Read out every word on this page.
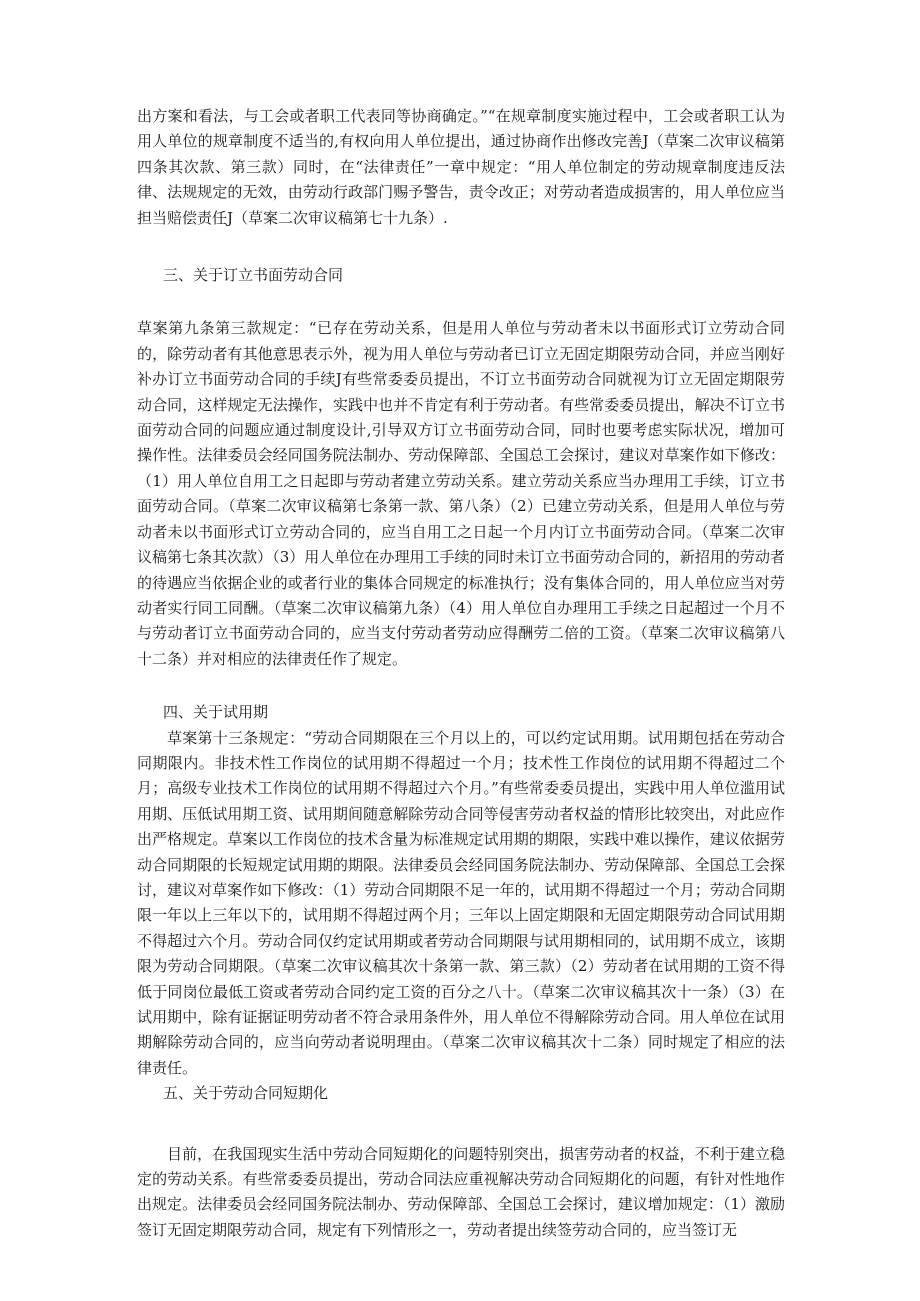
出方案和看法，与工会或者职工代表同等协商确定。”“在规章制度实施过程中，工会或者职工认为用人单位的规章制度不适当的,有权向用人单位提出，通过协商作出修改完善J（草案二次审议稿第四条其次款、第三款）同时，在“法律责任”一章中规定：“用人单位制定的劳动规章制度违反法律、法规规定的无效，由劳动行政部门赐予警告，责令改正；对劳动者造成损害的，用人单位应当担当赔偿责任J（草案二次审议稿第七十九条）.

三、关于订立书面劳动合同

草案第九条第三款规定：“已存在劳动关系，但是用人单位与劳动者未以书面形式订立劳动合同的，除劳动者有其他意思表示外，视为用人单位与劳动者已订立无固定期限劳动合同，并应当刚好补办订立书面劳动合同的手续J有些常委委员提出，不订立书面劳动合同就视为订立无固定期限劳动合同，这样规定无法操作，实践中也并不肯定有利于劳动者。有些常委委员提出，解决不订立书面劳动合同的问题应通过制度设计,引导双方订立书面劳动合同，同时也要考虑实际状况，增加可操作性。法律委员会经同国务院法制办、劳动保障部、全国总工会探讨，建议对草案作如下修改：（1）用人单位自用工之日起即与劳动者建立劳动关系。建立劳动关系应当办理用工手续，订立书面劳动合同。（草案二次审议稿第七条第一款、第八条）（2）已建立劳动关系，但是用人单位与劳动者未以书面形式订立劳动合同的，应当自用工之日起一个月内订立书面劳动合同。（草案二次审议稿第七条其次款）（3）用人单位在办理用工手续的同时未订立书面劳动合同的，新招用的劳动者的待遇应当依据企业的或者行业的集体合同规定的标准执行；没有集体合同的，用人单位应当对劳动者实行同工同酬。（草案二次审议稿第九条）（4）用人单位自办理用工手续之日起超过一个月不与劳动者订立书面劳动合同的，应当支付劳动者劳动应得酬劳二倍的工资。（草案二次审议稿第八十二条）并对相应的法律责任作了规定。

四、关于试用期

草案第十三条规定：“劳动合同期限在三个月以上的，可以约定试用期。试用期包括在劳动合同期限内。非技术性工作岗位的试用期不得超过一个月；技术性工作岗位的试用期不得超过二个月；高级专业技术工作岗位的试用期不得超过六个月。”有些常委委员提出，实践中用人单位滥用试用期、压低试用期工资、试用期间随意解除劳动合同等侵害劳动者权益的情形比较突出，对此应作出严格规定。草案以工作岗位的技术含量为标准规定试用期的期限，实践中难以操作，建议依据劳动合同期限的长短规定试用期的期限。法律委员会经同国务院法制办、劳动保障部、全国总工会探讨，建议对草案作如下修改：（1）劳动合同期限不足一年的，试用期不得超过一个月；劳动合同期限一年以上三年以下的，试用期不得超过两个月；三年以上固定期限和无固定期限劳动合同试用期不得超过六个月。劳动合同仅约定试用期或者劳动合同期限与试用期相同的，试用期不成立，该期限为劳动合同期限。（草案二次审议稿其次十条第一款、第三款）（2）劳动者在试用期的工资不得低于同岗位最低工资或者劳动合同约定工资的百分之八十。（草案二次审议稿其次十一条）（3）在试用期中，除有证据证明劳动者不符合录用条件外，用人单位不得解除劳动合同。用人单位在试用期解除劳动合同的，应当向劳动者说明理由。（草案二次审议稿其次十二条）同时规定了相应的法律责任。

五、关于劳动合同短期化

目前，在我国现实生活中劳动合同短期化的问题特别突出，损害劳动者的权益，不利于建立稳定的劳动关系。有些常委委员提出，劳动合同法应重视解决劳动合同短期化的问题，有针对性地作出规定。法律委员会经同国务院法制办、劳动保障部、全国总工会探讨，建议增加规定：（1）激励签订无固定期限劳动合同，规定有下列情形之一，劳动者提出续签劳动合同的，应当签订无
